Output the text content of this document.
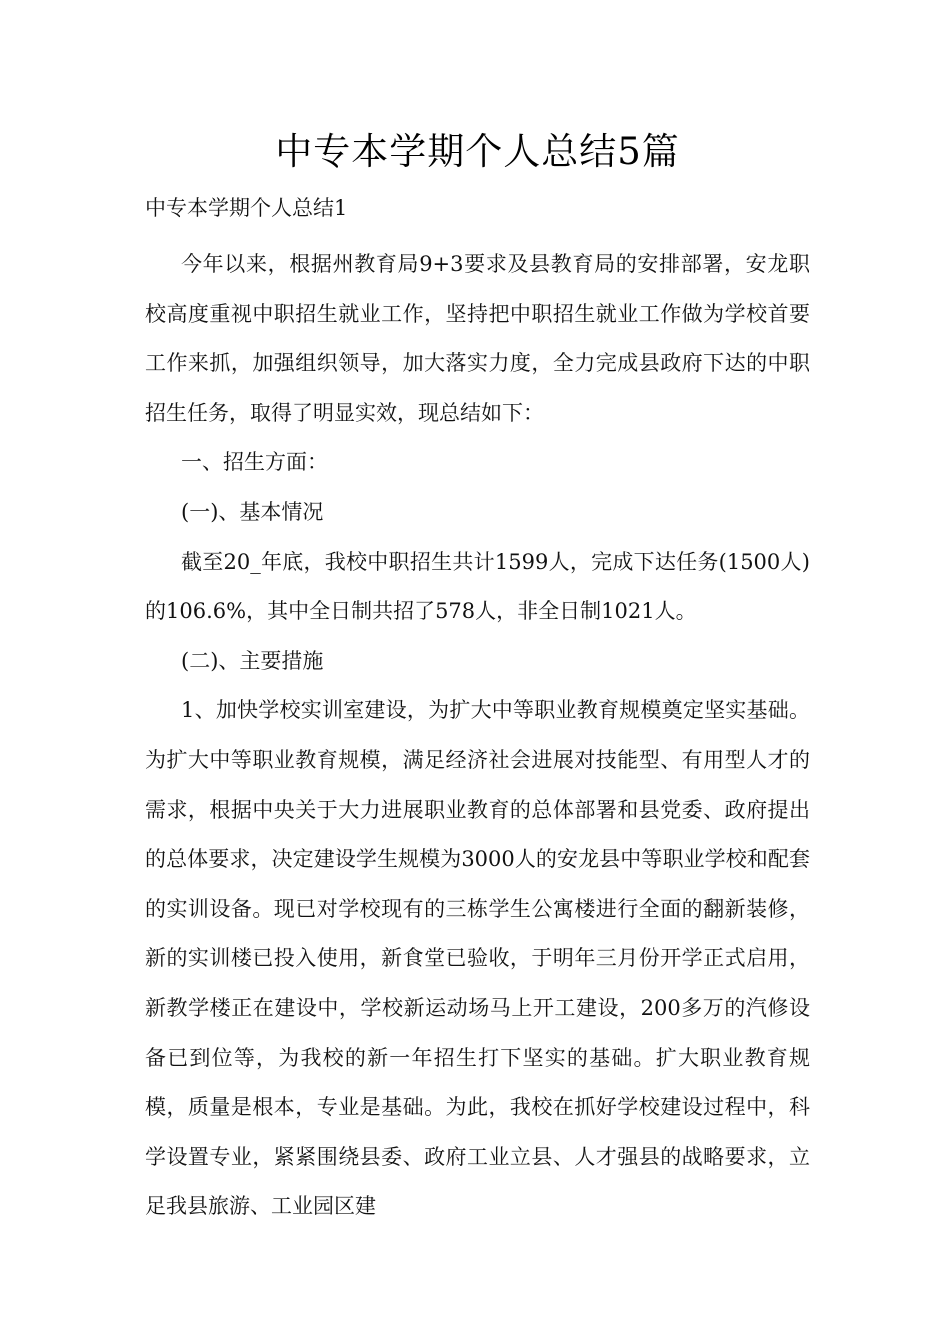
中专本学期个人总结5篇
中专本学期个人总结1

今年以来，根据州教育局9+3要求及县教育局的安排部署，安龙职校高度重视中职招生就业工作，坚持把中职招生就业工作做为学校首要工作来抓，加强组织领导，加大落实力度，全力完成县政府下达的中职招生任务，取得了明显实效，现总结如下：

一、招生方面：

(一)、基本情况

截至20_年底，我校中职招生共计1599人，完成下达任务(1500人)的106.6%，其中全日制共招了578人，非全日制1021人。

(二)、主要措施

1、加快学校实训室建设，为扩大中等职业教育规模奠定坚实基础。为扩大中等职业教育规模，满足经济社会进展对技能型、有用型人才的需求，根据中央关于大力进展职业教育的总体部署和县党委、政府提出的总体要求，决定建设学生规模为3000人的安龙县中等职业学校和配套的实训设备。现已对学校现有的三栋学生公寓楼进行全面的翻新装修，新的实训楼已投入使用，新食堂已验收，于明年三月份开学正式启用，新教学楼正在建设中，学校新运动场马上开工建设，200多万的汽修设备已到位等，为我校的新一年招生打下坚实的基础。扩大职业教育规模，质量是根本，专业是基础。为此，我校在抓好学校建设过程中，科学设置专业，紧紧围绕县委、政府工业立县、人才强县的战略要求，立足我县旅游、工业园区建
